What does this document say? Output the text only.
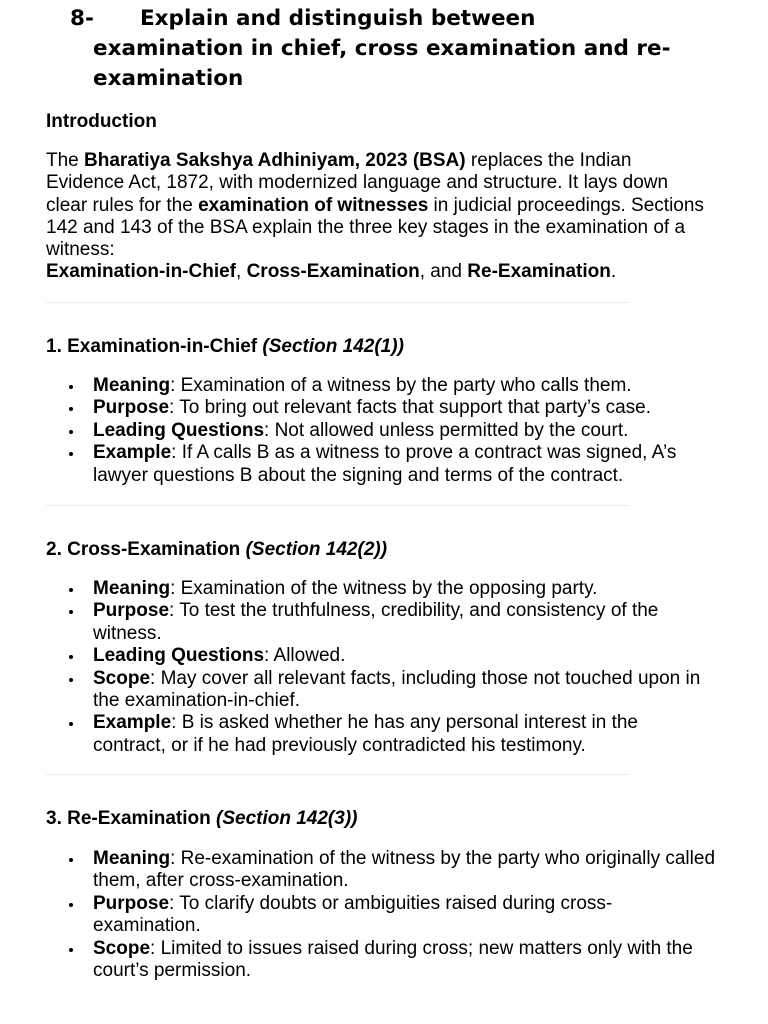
8- Explain and distinguish between
examination in chief, cross examination and re-
examination
Introduction

The Bharatiya Sakshya Adhiniyam, 2023 (BSA) replaces the Indian Evidence Act, 1872, with modernized language and structure. It lays down clear rules for the examination of witnesses in judicial proceedings. Sections 142 and 143 of the BSA explain the three key stages in the examination of a witness:
Examination-in-Chief, Cross-Examination, and Re-Examination.

1. Examination-in-Chief (Section 142(1))
Meaning: Examination of a witness by the party who calls them.
Purpose: To bring out relevant facts that support that party’s case.
Leading Questions: Not allowed unless permitted by the court.
Example: If A calls B as a witness to prove a contract was signed, A’s lawyer questions B about the signing and terms of the contract.
2. Cross-Examination (Section 142(2))
Meaning: Examination of the witness by the opposing party.
Purpose: To test the truthfulness, credibility, and consistency of the witness.
Leading Questions: Allowed.
Scope: May cover all relevant facts, including those not touched upon in the examination-in-chief.
Example: B is asked whether he has any personal interest in the contract, or if he had previously contradicted his testimony.
3. Re-Examination (Section 142(3))
Meaning: Re-examination of the witness by the party who originally called them, after cross-examination.
Purpose: To clarify doubts or ambiguities raised during cross-examination.
Scope: Limited to issues raised during cross; new matters only with the court’s permission.
